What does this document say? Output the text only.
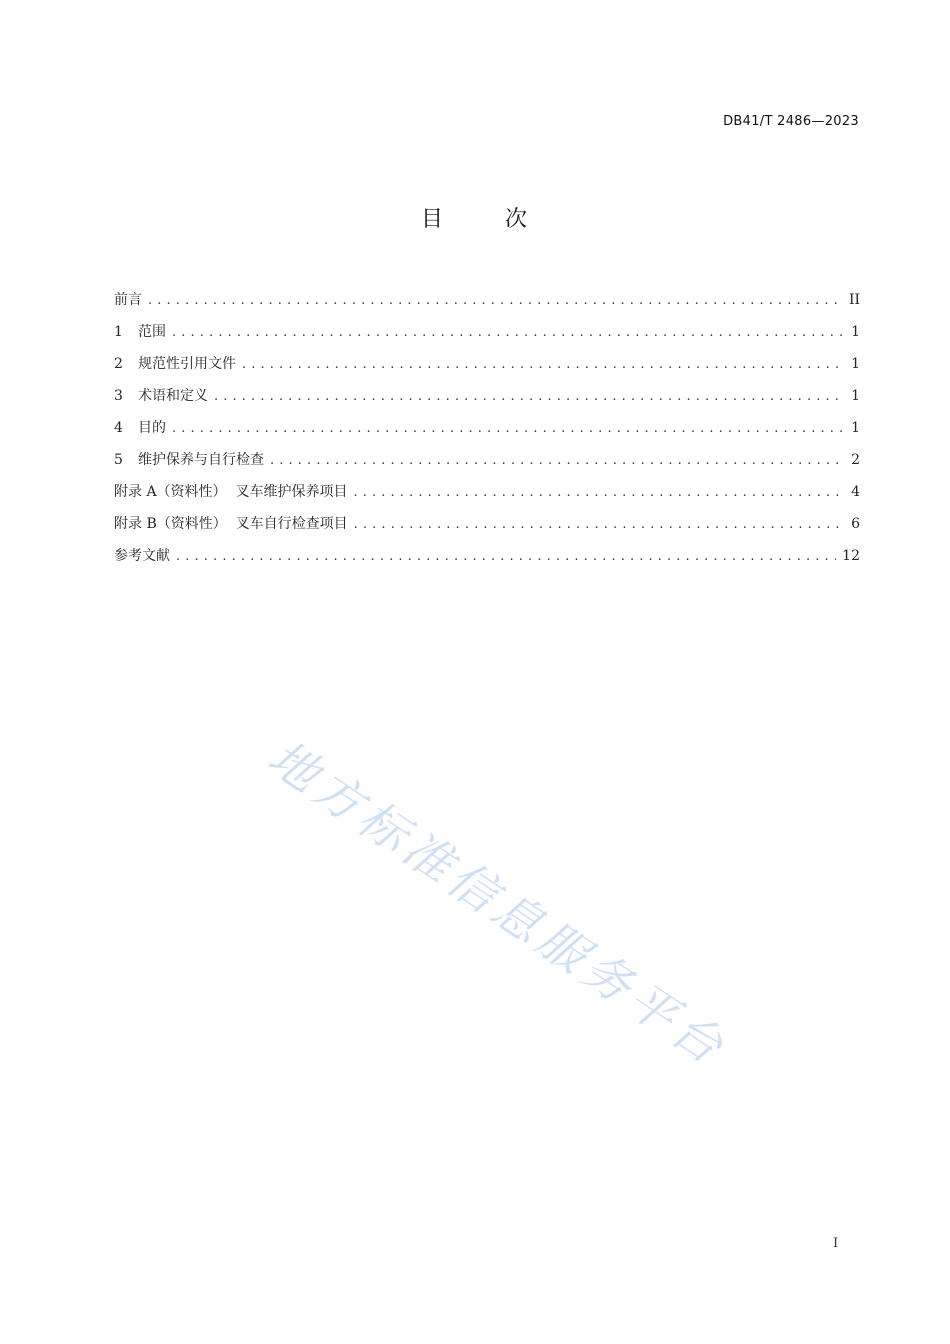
DB41/T 2486—2023
目	次
前言 . . .	II
1	范围 . . .	1
2	规范性引用文件 . . .	1
3	术语和定义 . . .	1
4	目的 . . .	1
5	维护保养与自行检查 . . .	2
附录 A（资料性）  叉车维护保养项目 . . .	4
附录 B（资料性）  叉车自行检查项目 . . .	6
参考文献 . . .	12
地方标准信息服务平台
I
